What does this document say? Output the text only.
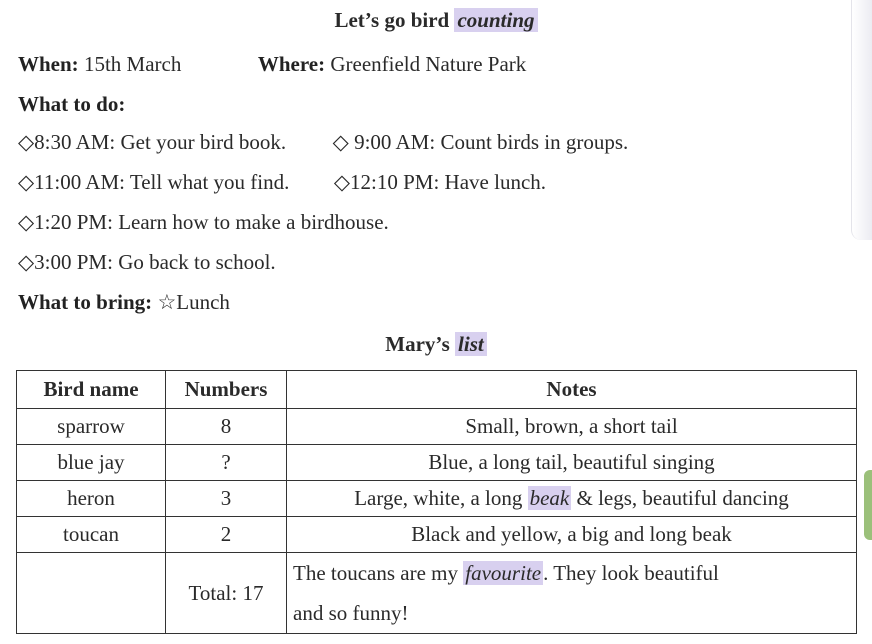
Let’s go bird counting
When: 15th March	Where: Greenfield Nature Park
What to do:
◇8:30 AM: Get your bird book. ◇ 9:00 AM: Count birds in groups.
◇11:00 AM: Tell what you find. ◇12:10 PM: Have lunch.
◇1:20 PM: Learn how to make a birdhouse.
◇3:00 PM: Go back to school.
What to bring: ☆Lunch
Mary’s list
Bird name	Numbers	Notes
sparrow	8	Small, brown, a short tail
blue jay	?	Blue, a long tail, beautiful singing
heron	3	Large, white, a long beak & legs, beautiful dancing
toucan	2	Black and yellow, a big and long beak
	Total: 17	The toucans are my favourite. They look beautiful
and so funny!
